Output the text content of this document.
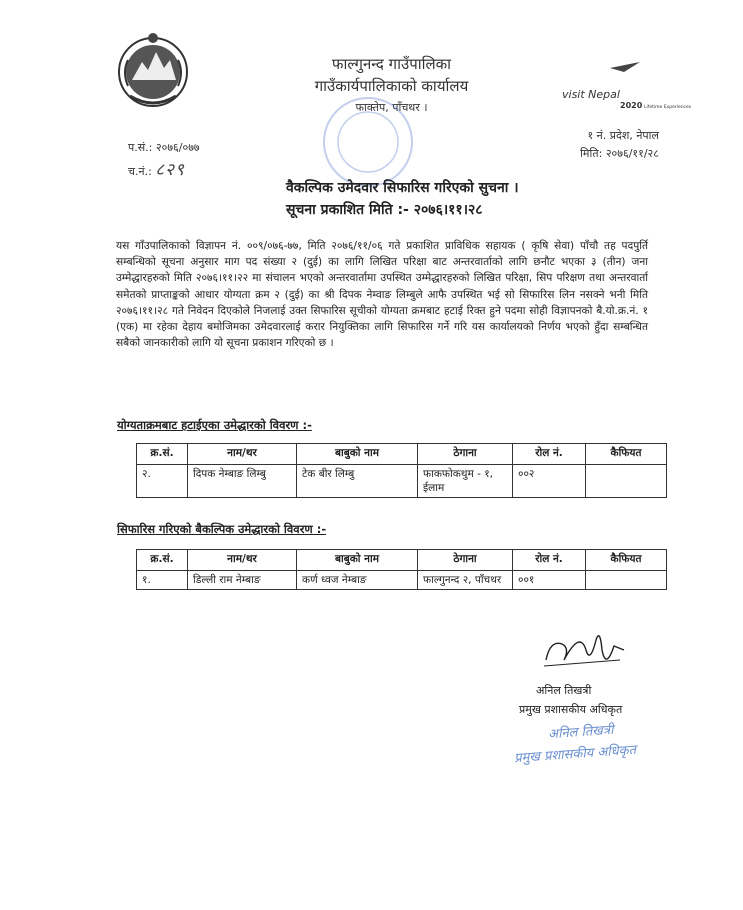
फाल्गुनन्द गाउँपालिका
गाउँकार्यपालिकाको कार्यालय
फाक्तेप, पाँचथर ।
visit Nepal
2020 Lifetime Experiences
प.सं.: २०७६/०७७
च.नं.: ८२९
१ नं. प्रदेश, नेपाल
मिति: २०७६/११/२८
वैकल्पिक उमेदवार सिफारिस गरिएको सुचना ।
सूचना प्रकाशित मिति :- २०७६।११।२८
यस गाँउपालिकाको विज्ञापन नं. ००९/०७६-७७, मिति २०७६/११/०६ गते प्रकाशित प्राविधिक सहायक ( कृषि सेवा) पाँचौ तह पदपुर्ति सम्बन्धिको सूचना अनुसार माग पद संख्या २ (दुई) का लागि लिखित परिक्षा बाट अन्तरवार्ताको लागि छनौट भएका ३ (तीन) जना उम्मेद्धारहरुको मिति २०७६।११।२२ मा संचालन भएको अन्तरवार्तामा उपस्थित उम्मेद्धारहरुको लिखित परिक्षा, सिप परिक्षण तथा अन्तरवार्ता समेतको प्राप्ताङ्कको आधार योग्यता क्रम २ (दुई) का श्री दिपक नेम्वाङ लिम्बुले आफै उपस्थित भई सो सिफारिस लिन नसक्ने भनी मिति २०७६।११।२८ गते निवेदन दिएकोले निजलाई उक्त सिफारिस सूचीको योग्यता क्रमबाट हटाई रिक्त हुने पदमा सोही विज्ञापनको बै.यो.क्र.नं. १ (एक) मा रहेका देहाय बमोजिमका उमेदवारलाई करार नियुक्तिका लागि सिफारिस गर्ने गरि यस कार्यालयको निर्णय भएको हुँदा सम्बन्धित सबैको जानकारीको लागि यो सूचना प्रकाशन गरिएको छ ।
योग्यताक्रमबाट हटाईएका उमेद्धारको विवरण :-
क्र.सं.	नाम/थर	बाबुको नाम	ठेगाना	रोल नं.	कैफियत
२.	दिपक नेम्बाङ लिम्बु	टेक बीर लिम्बु	फाकफोकथुम - १, ईलाम	००२	
सिफारिस गरिएको बैकल्पिक उमेद्धारको विवरण :-
क्र.सं.	नाम/थर	बाबुको नाम	ठेगाना	रोल नं.	कैफियत
१.	डिल्ली राम नेम्बाङ	कर्ण ध्वज नेम्बाङ	फाल्गुनन्द २, पाँचथर	००१	
अनिल तिखत्री
प्रमुख प्रशासकीय अधिकृत
अनिल तिखत्री
प्रमुख प्रशासकीय अधिकृत
